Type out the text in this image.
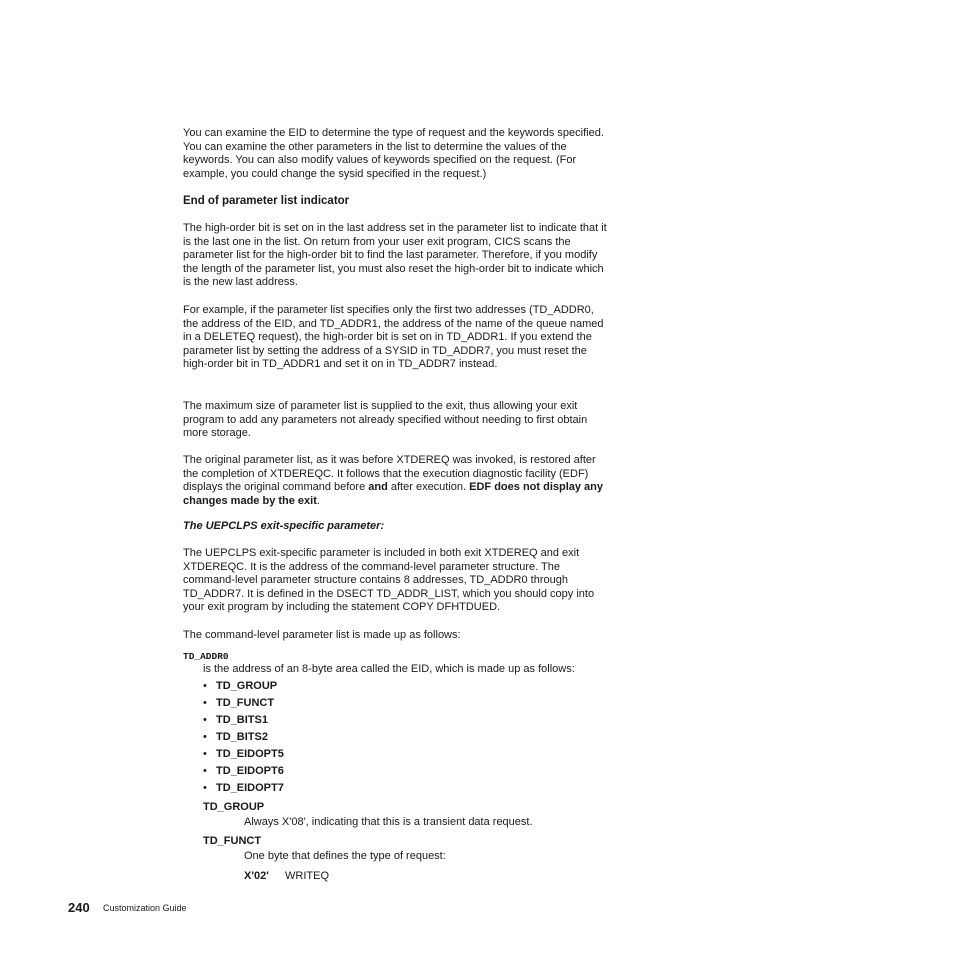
You can examine the EID to determine the type of request and the keywords specified. You can examine the other parameters in the list to determine the values of the keywords. You can also modify values of keywords specified on the request. (For example, you could change the sysid specified in the request.)

End of parameter list indicator

The high-order bit is set on in the last address set in the parameter list to indicate that it is the last one in the list. On return from your user exit program, CICS scans the parameter list for the high-order bit to find the last parameter. Therefore, if you modify the length of the parameter list, you must also reset the high-order bit to indicate which is the new last address.

For example, if the parameter list specifies only the first two addresses (TD_ADDR0, the address of the EID, and TD_ADDR1, the address of the name of the queue named in a DELETEQ request), the high-order bit is set on in TD_ADDR1. If you extend the parameter list by setting the address of a SYSID in TD_ADDR7, you must reset the high-order bit in TD_ADDR1 and set it on in TD_ADDR7 instead.

The maximum size of parameter list is supplied to the exit, thus allowing your exit program to add any parameters not already specified without needing to first obtain more storage.

The original parameter list, as it was before XTDEREQ was invoked, is restored after the completion of XTDEREQC. It follows that the execution diagnostic facility (EDF) displays the original command before and after execution. EDF does not display any changes made by the exit.

The UEPCLPS exit-specific parameter:

The UEPCLPS exit-specific parameter is included in both exit XTDEREQ and exit XTDEREQC. It is the address of the command-level parameter structure. The command-level parameter structure contains 8 addresses, TD_ADDR0 through TD_ADDR7. It is defined in the DSECT TD_ADDR_LIST, which you should copy into your exit program by including the statement COPY DFHTDUED.

The command-level parameter list is made up as follows:

TD_ADDR0
is the address of an 8-byte area called the EID, which is made up as follows:
• TD_GROUP
• TD_FUNCT
• TD_BITS1
• TD_BITS2
• TD_EIDOPT5
• TD_EIDOPT6
• TD_EIDOPT7
TD_GROUP
Always X'08', indicating that this is a transient data request.
TD_FUNCT
One byte that defines the type of request:
X'02' WRITEQ
240 Customization Guide
